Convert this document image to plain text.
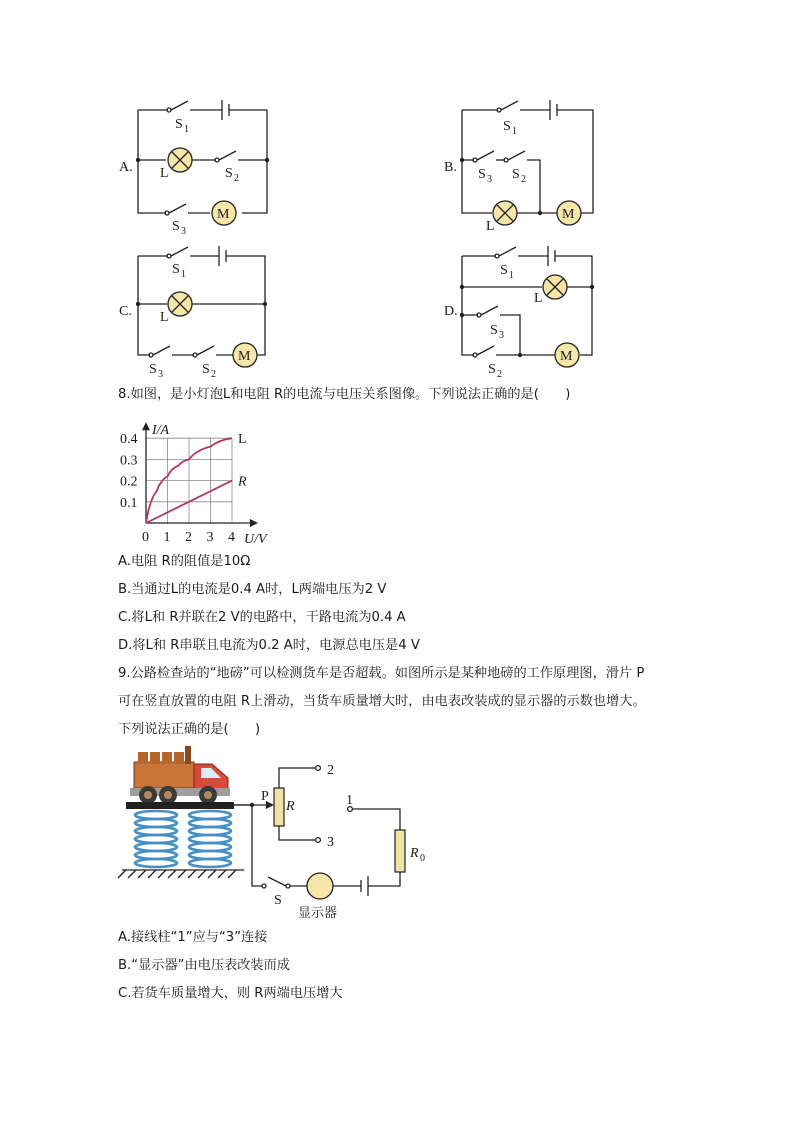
A.
M
S 1
L	S 2
S 3
B.
M
S 1
S 3 S 2
L
C.
M
S 1
L
S 3	S 2
D.
M
S 1
L
S 3
S 2
8.如图，是小灯泡L和电阻 R的电流与电压关系图像。下列说法正确的是(　　)
0 1 2 3 4
0.1
0.2
0.3
0.4
I/A
U/V
L
R
A.电阻 R的阻值是10Ω
B.当通过L的电流是0.4 A时，L两端电压为2 V
C.将L和 R并联在2 V的电路中，干路电流为0.4 A
D.将L和 R串联且电流为0.2 A时，电源总电压是4 V
9.公路检查站的“地磅”可以检测货车是否超载。如图所示是某种地磅的工作原理图，滑片 P
可在竖直放置的电阻 R上滑动，当货车质量增大时，由电表改装成的显示器的示数也增大。
下列说法正确的是(　　)
P
R
2
1
3
R 0
S
显示器
A.接线柱“1”应与“3”连接
B.“显示器”由电压表改装而成
C.若货车质量增大，则 R两端电压增大
